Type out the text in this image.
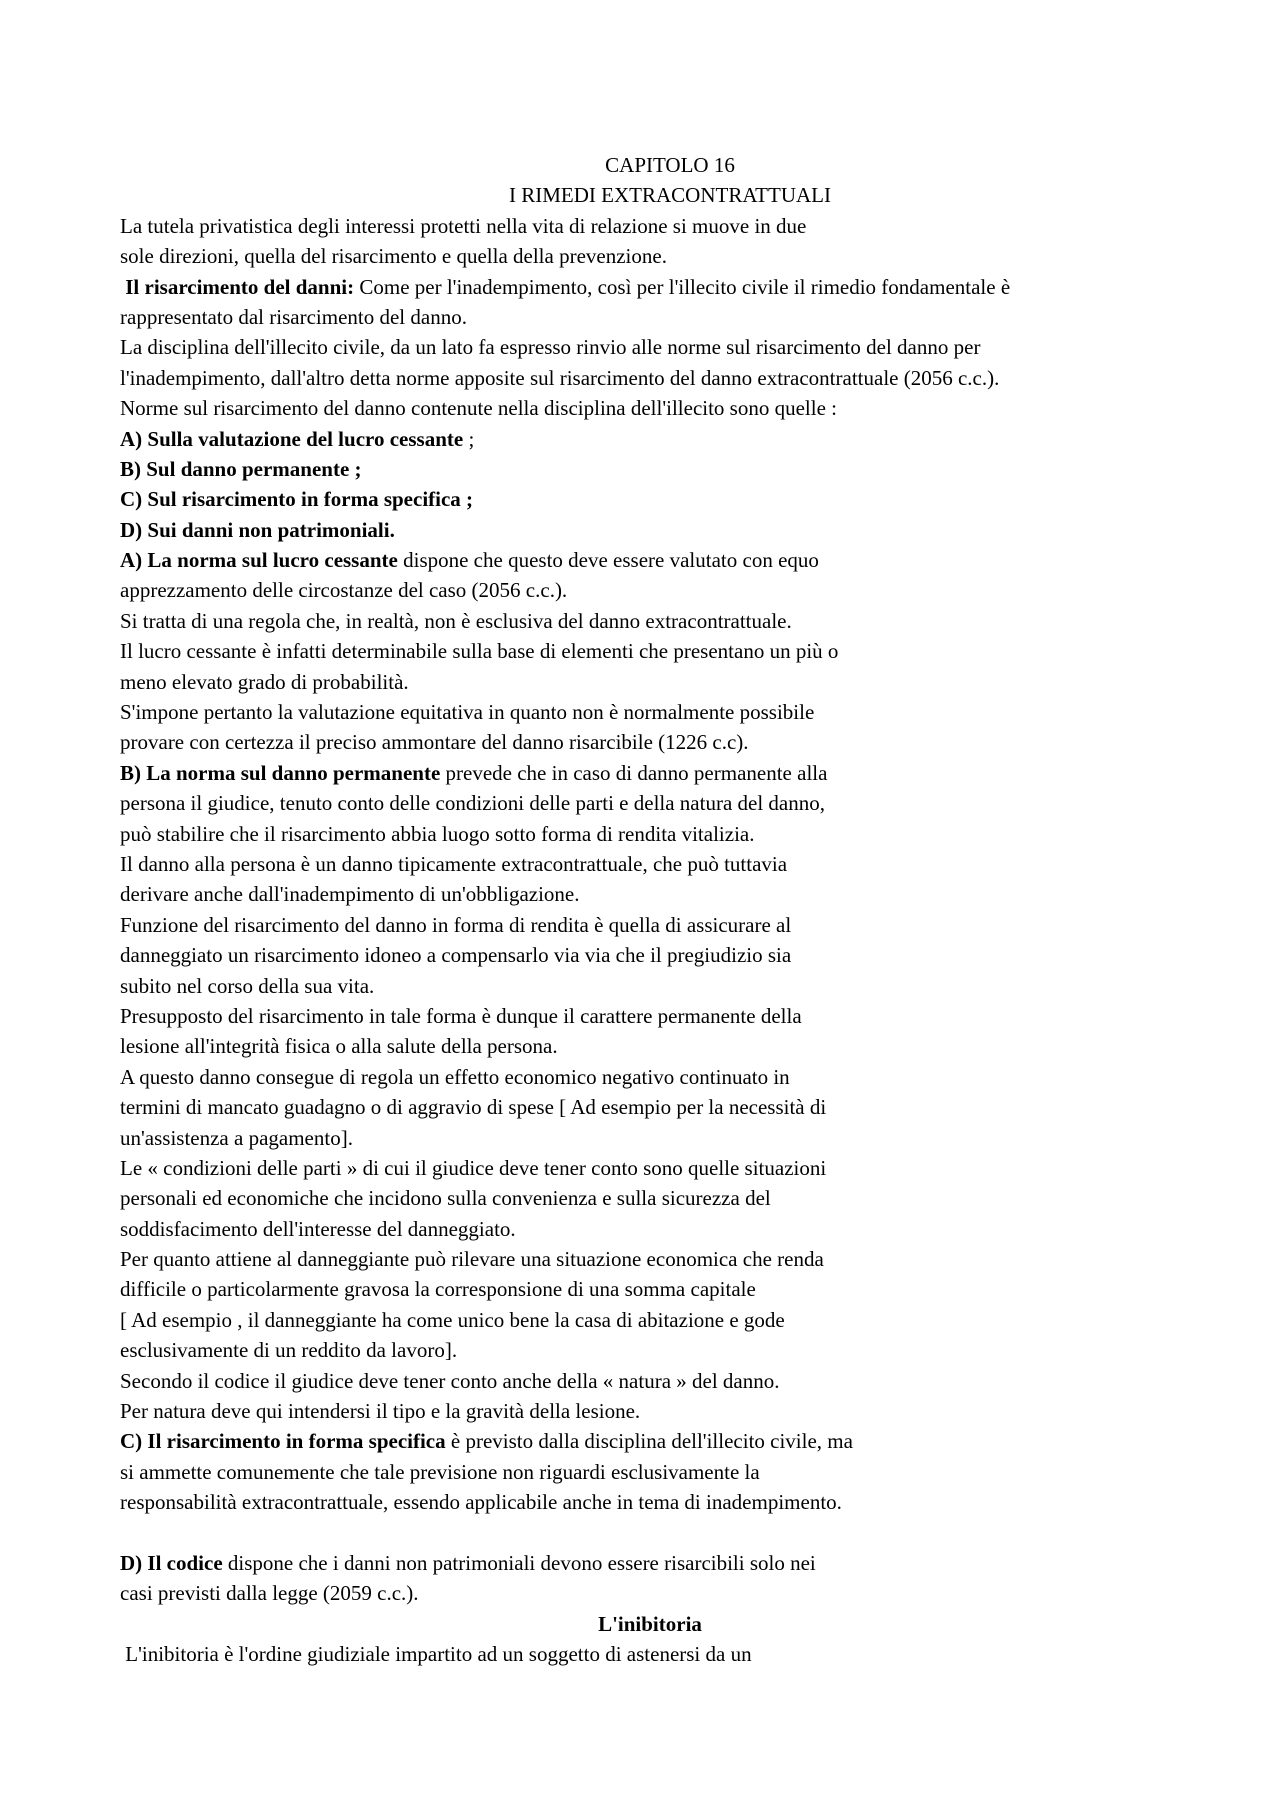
CAPITOLO 16
I RIMEDI EXTRACONTRATTUALI
La tutela privatistica degli interessi protetti nella vita di relazione si muove in due
sole direzioni, quella del risarcimento e quella della prevenzione.
Il risarcimento del danni: Come per l'inadempimento, così per l'illecito civile il rimedio fondamentale è
rappresentato dal risarcimento del danno.
La disciplina dell'illecito civile, da un lato fa espresso rinvio alle norme sul risarcimento del danno per
l'inadempimento, dall'altro detta norme apposite sul risarcimento del danno extracontrattuale (2056 c.c.).
Norme sul risarcimento del danno contenute nella disciplina dell'illecito sono quelle :
A) Sulla valutazione del lucro cessante ;
B) Sul danno permanente ;
C) Sul risarcimento in forma specifica ;
D) Sui danni non patrimoniali.
A) La norma sul lucro cessante dispone che questo deve essere valutato con equo
apprezzamento delle circostanze del caso (2056 c.c.).
Si tratta di una regola che, in realtà, non è esclusiva del danno extracontrattuale.
Il lucro cessante è infatti determinabile sulla base di elementi che presentano un più o
meno elevato grado di probabilità.
S'impone pertanto la valutazione equitativa in quanto non è normalmente possibile
provare con certezza il preciso ammontare del danno risarcibile (1226 c.c).
B) La norma sul danno permanente prevede che in caso di danno permanente alla
persona il giudice, tenuto conto delle condizioni delle parti e della natura del danno,
può stabilire che il risarcimento abbia luogo sotto forma di rendita vitalizia.
Il danno alla persona è un danno tipicamente extracontrattuale, che può tuttavia
derivare anche dall'inadempimento di un'obbligazione.
Funzione del risarcimento del danno in forma di rendita è quella di assicurare al
danneggiato un risarcimento idoneo a compensarlo via via che il pregiudizio sia
subito nel corso della sua vita.
Presupposto del risarcimento in tale forma è dunque il carattere permanente della
lesione all'integrità fisica o alla salute della persona.
A questo danno consegue di regola un effetto economico negativo continuato in
termini di mancato guadagno o di aggravio di spese [ Ad esempio per la necessità di
un'assistenza a pagamento].
Le « condizioni delle parti » di cui il giudice deve tener conto sono quelle situazioni
personali ed economiche che incidono sulla convenienza e sulla sicurezza del
soddisfacimento dell'interesse del danneggiato.
Per quanto attiene al danneggiante può rilevare una situazione economica che renda
difficile o particolarmente gravosa la corresponsione di una somma capitale
[ Ad esempio , il danneggiante ha come unico bene la casa di abitazione e gode
esclusivamente di un reddito da lavoro].
Secondo il codice il giudice deve tener conto anche della « natura » del danno.
Per natura deve qui intendersi il tipo e la gravità della lesione.
C) Il risarcimento in forma specifica è previsto dalla disciplina dell'illecito civile, ma
si ammette comunemente che tale previsione non riguardi esclusivamente la
responsabilità extracontrattuale, essendo applicabile anche in tema di inadempimento.
D) Il codice dispone che i danni non patrimoniali devono essere risarcibili solo nei
casi previsti dalla legge (2059 c.c.).
L'inibitoria
L'inibitoria è l'ordine giudiziale impartito ad un soggetto di astenersi da un
